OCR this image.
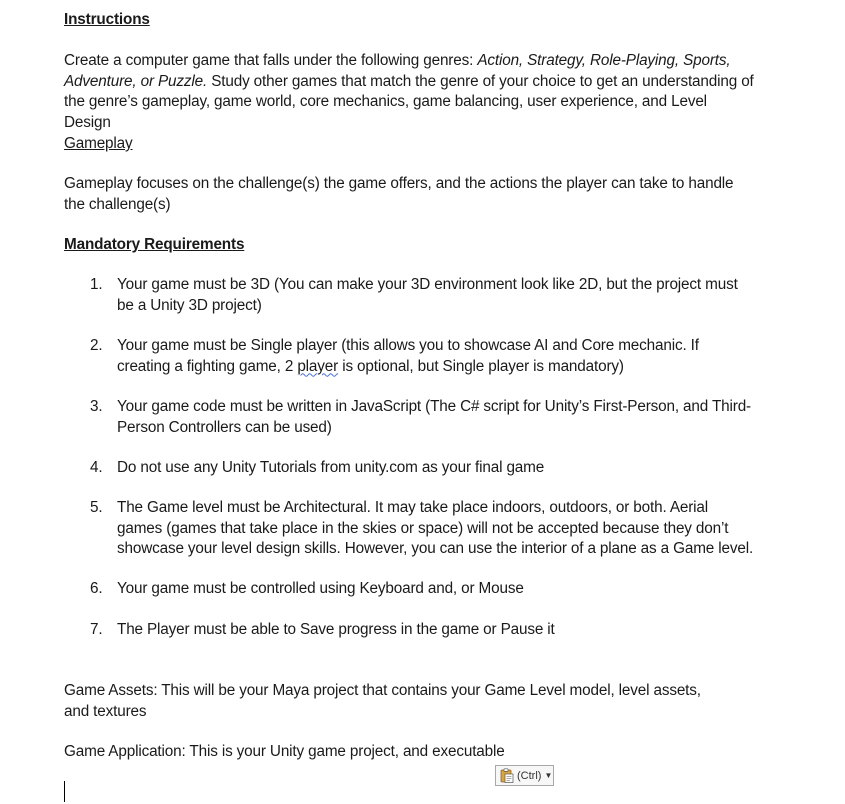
Instructions
Create a computer game that falls under the following genres: Action, Strategy, Role-Playing, Sports,
Adventure, or Puzzle. Study other games that match the genre of your choice to get an understanding of
the genre’s gameplay, game world, core mechanics, game balancing, user experience, and Level Design
Gameplay
Gameplay focuses on the challenge(s) the game offers, and the actions the player can take to handle the challenge(s)
Mandatory Requirements
1. Your game must be 3D (You can make your 3D environment look like 2D, but the project must be a Unity 3D project)
2. Your game must be Single player (this allows you to showcase AI and Core mechanic. If creating a fighting game, 2 player is optional, but Single player is mandatory)
3. Your game code must be written in JavaScript (The C# script for Unity’s First-Person, and Third-Person Controllers can be used)
4. Do not use any Unity Tutorials from unity.com as your final game
5. The Game level must be Architectural. It may take place indoors, outdoors, or both. Aerial games (games that take place in the skies or space) will not be accepted because they don’t showcase your level design skills. However, you can use the interior of a plane as a Game level.
6. Your game must be controlled using Keyboard and, or Mouse
7. The Player must be able to Save progress in the game or Pause it
Game Assets: This will be your Maya project that contains your Game Level model, level assets, and textures
Game Application: This is your Unity game project, and executable
(Ctrl) ▼
